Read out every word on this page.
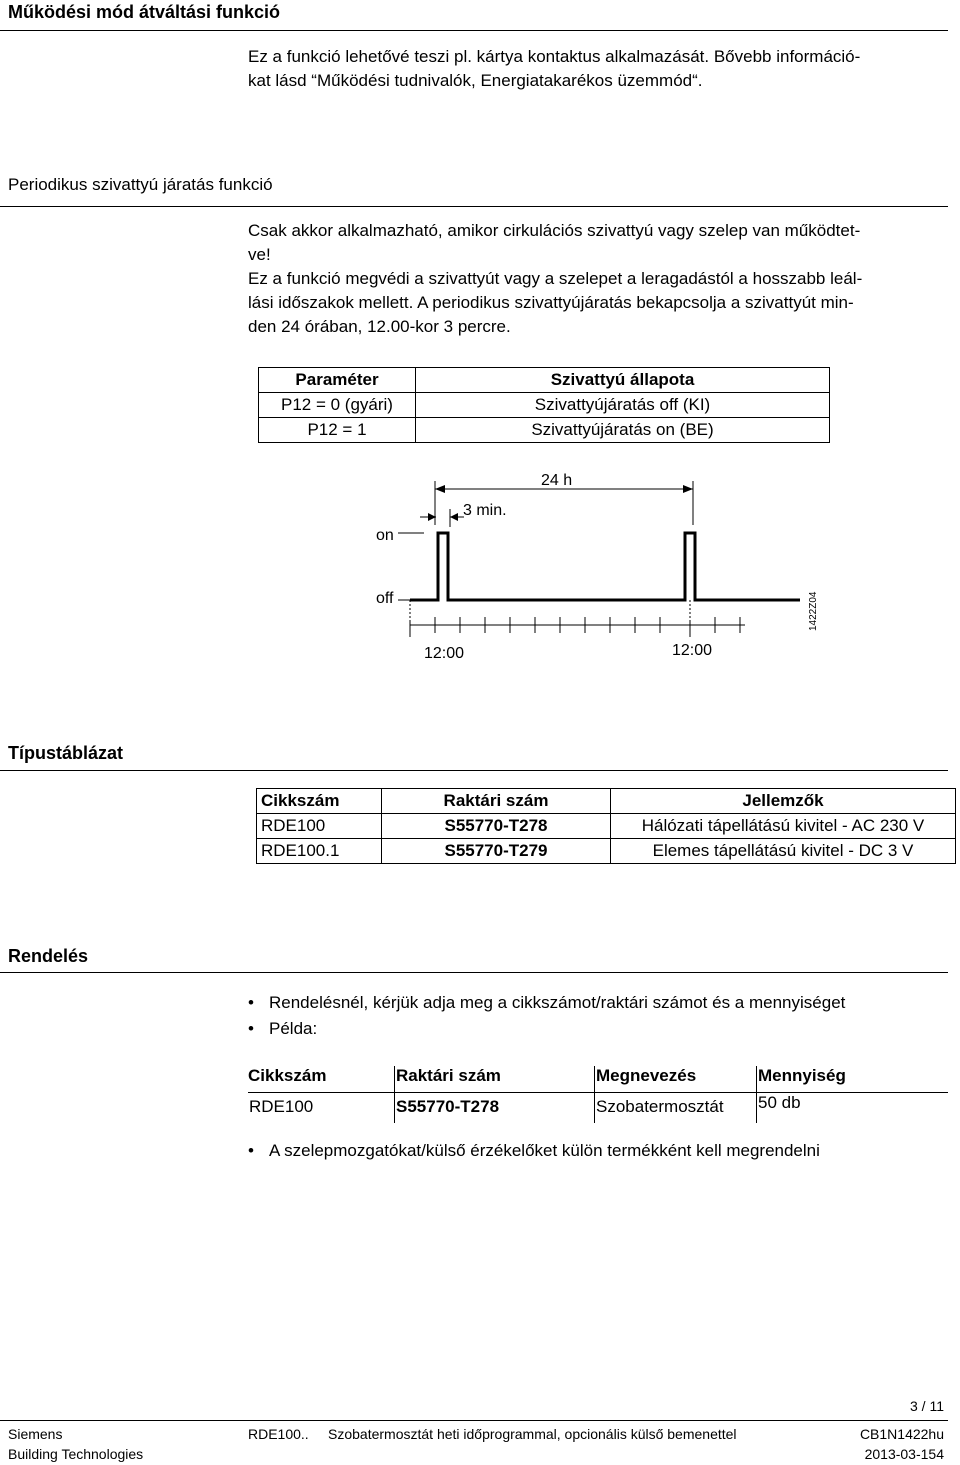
Működési mód átváltási funkció

Ez a funkció lehetővé teszi pl. kártya kontaktus alkalmazását. Bővebb információ-

kat lásd “Működési tudnivalók, Energiatakarékos üzemmód“.

Periodikus szivattyú járatás funkció

Csak akkor alkalmazható, amikor cirkulációs szivattyú vagy szelep van működtet-

ve!

Ez a funkció megvédi a szivattyút vagy a szelepet a leragadástól a hosszabb leál-

lási időszakok mellett. A periodikus szivattyújáratás bekapcsolja a szivattyút min-

den 24 órában, 12.00-kor 3 percre.

Paraméter	Szivattyú állapota
P12 = 0 (gyári)	Szivattyújáratás off (KI)
P12 = 1	Szivattyújáratás on (BE)
24 h
3 min.
on
off
12:00	12:00
1422Z04
Típustáblázat
Cikkszám	Raktári szám	Jellemzők
RDE100	S55770-T278	Hálózati tápellátású kivitel - AC 230 V
RDE100.1	S55770-T279	Elemes tápellátású kivitel - DC 3 V
Rendelés
• Rendelésnél, kérjük adja meg a cikkszámot/raktári számot és a mennyiséget
• Példa:
Cikkszám	Raktári szám	Megnevezés	Mennyiség
RDE100	S55770-T278	Szobatermosztát	50 db
• A szelepmozgatókat/külső érzékelőket külön termékként kell megrendelni
3 / 11
Siemens
Building Technologies
RDE100.. Szobatermosztát heti időprogrammal, opcionális külső bemenettel	CB1N1422hu
2013-03-154
